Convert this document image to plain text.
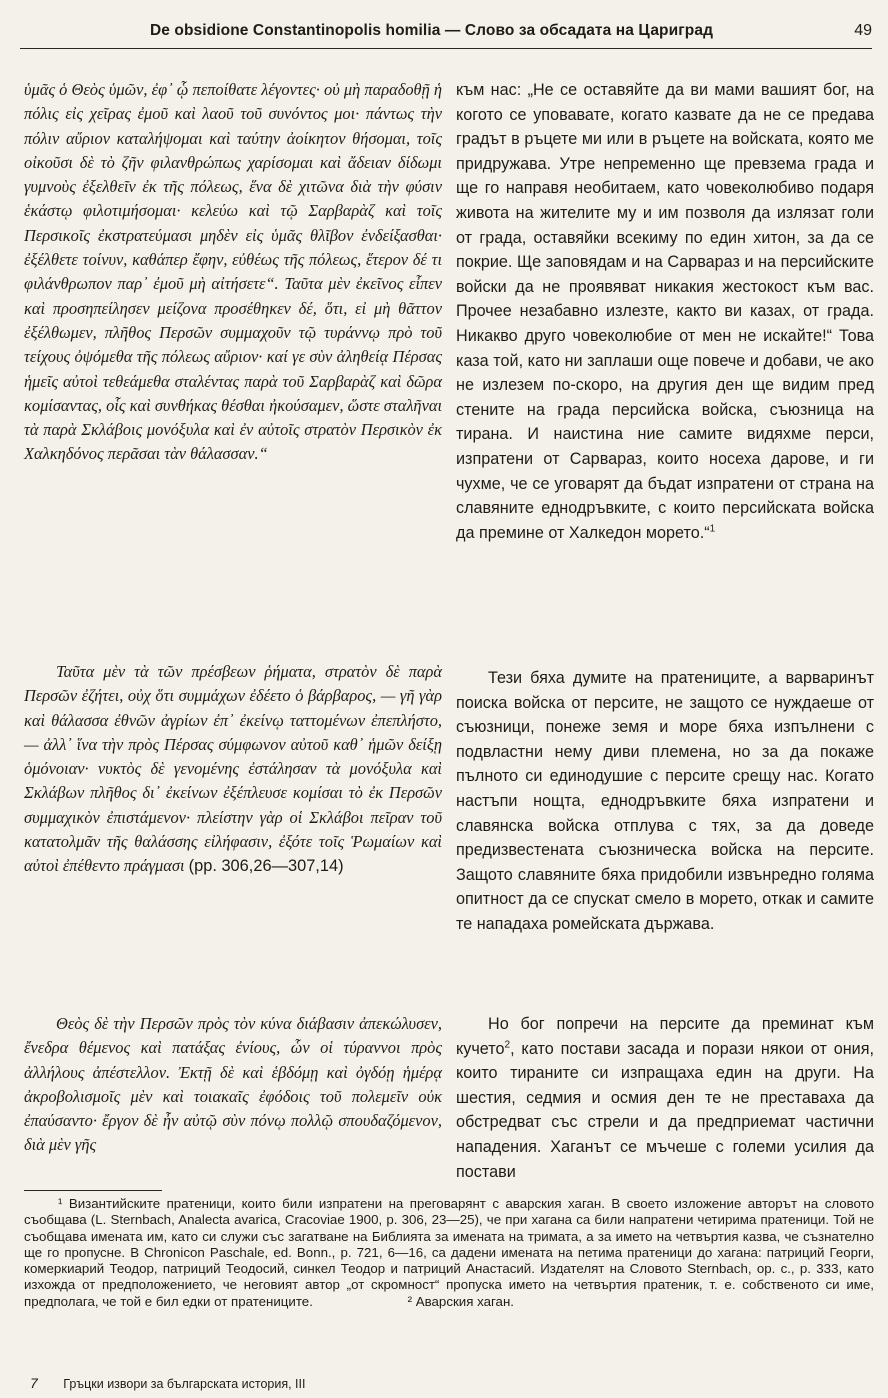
De obsidione Constantinopolis homilia — Слово за обсадата на Цариград	49
ὑμᾶς ὁ Θεὸς ὑμῶν, ἐφ᾽ ᾧ πεποίθατε λέγοντες· οὐ μὴ παραδοθῇ ἡ πόλις εἰς χεῖρας ἐμοῦ καὶ λαοῦ τοῦ συνόντος μοι· πάντως τὴν πόλιν αὔριον καταλήψομαι καὶ ταύτην ἀοίκητον θήσομαι, τοῖς οἰκοῦσι δὲ τὸ ζῆν φιλανθρώπως χαρίσομαι καὶ ἄδειαν δίδωμι γυμνοὺς ἐξελθεῖν ἐκ τῆς πόλεως, ἕνα δὲ χιτῶνα διὰ τὴν φύσιν ἑκάστῳ φιλοτιμήσομαι· κελεύω καὶ τῷ Σαρβαρὰζ καὶ τοῖς Περσικοῖς ἐκστρατεύμασι μηδὲν εἰς ὑμᾶς θλῖβον ἐνδείξασθαι· ἐξέλθετε τοίνυν, καθάπερ ἔφην, εὐθέως τῆς πόλεως, ἕτερον δέ τι φιλάνθρωπον παρ᾽ ἐμοῦ μὴ αἰτήσετε“. Ταῦτα μὲν ἐκεῖνος εἶπεν καὶ προσηπείλησεν μείζονα προσέθηκεν δέ, ὅτι, εἰ μὴ θᾶττον ἐξέλθωμεν, πλῆθος Περσῶν συμμαχοῦν τῷ τυράννῳ πρὸ τοῦ τείχους ὀψόμεθα τῆς πόλεως αὔριον· καί γε σὺν ἀληθείᾳ Πέρσας ἡμεῖς αὐτοὶ τεθεάμεθα σταλέντας παρὰ τοῦ Σαρβαρὰζ καὶ δῶρα κομίσαντας, οἷς καὶ συνθήκας θέσθαι ἠκούσαμεν, ὥστε σταλῆναι τὰ παρὰ Σκλάβοις μονόξυλα καὶ ἐν αὐτοῖς στρατὸν Περσικὸν ἐκ Χαλκηδόνος περᾶσαι τὰν θάλασσαν.“
Ταῦτα μὲν τὰ τῶν πρέσβεων ῥήματα, στρατὸν δὲ παρὰ Περσῶν ἐζήτει, οὐχ ὅτι συμμάχων ἐδέετο ὁ βάρβαρος, — γῆ γὰρ καὶ θάλασσα ἐθνῶν ἀγρίων ἐπ᾽ ἐκείνῳ ταττομένων ἐπεπλήστο, — ἀλλ᾽ ἵνα τὴν πρὸς Πέρσας σύμφωνον αὐτοῦ καθ᾽ ἡμῶν δείξῃ ὁμόνοιαν· νυκτὸς δὲ γενομένης ἐστάλησαν τὰ μονόξυλα καὶ Σκλάβων πλῆθος δι᾽ ἐκείνων ἐξέπλευσε κομίσαι τὸ ἐκ Περσῶν συμμαχικὸν ἐπιστάμενον· πλείστην γὰρ οἱ Σκλάβοι πεῖραν τοῦ κατατολμᾶν τῆς θαλάσσης εἰλήφασιν, ἐξότε τοῖς Ῥωμαίων καὶ αὐτοὶ ἐπέθεντο πράγμασι (pp. 306,26—307,14)
Θεὸς δὲ τὴν Περσῶν πρὸς τὸν κύνα διάβασιν ἀπεκώλυσεν, ἔνεδρα θέμενος καὶ πατάξας ἐνίους, ὧν οἱ τύραννοι πρὸς ἀλλήλους ἀπέστελλον. Ἐκτῇ δὲ καὶ ἑβδόμῃ καὶ ὀγδόῃ ἡμέρᾳ ἀκροβολισμοῖς μὲν καὶ τοιακαῖς ἐφόδοις τοῦ πολεμεῖν οὐκ ἐπαύσαντο· ἔργον δὲ ἦν αὐτῷ σὺν πόνῳ πολλῷ σπουδαζόμενον, διὰ μὲν γῆς
към нас: „Не се оставяйте да ви мами вашият бог, на когото се уповавате, когато казвате да не се предава градът в ръцете ми или в ръцете на войската, която ме придружава. Утре непременно ще превзема града и ще го направя необитаем, като човеколюбиво подаря живота на жителите му и им позволя да излязат голи от града, оставяйки всекиму по един хитон, за да се покрие. Ще заповядам и на Сарвараз и на персийските войски да не проявяват никакия жестокост към вас. Прочее незабавно излезте, както ви казах, от града. Никакво друго човеколюбие от мен не искайте!“ Това каза той, като ни заплаши още повече и добави, че ако не излезем по-скоро, на другия ден ще видим пред стените на града персийска войска, съюзница на тирана. И наистина ние самите видяхме перси, изпратени от Сарвараз, които носеха дарове, и ги чухме, че се уговарят да бъдат изпратени от страна на славяните еднодръвките, с които персийската войска да премине от Халкедон морето.“$^1$
Тези бяха думите на пратениците, а варваринът поиска войска от персите, не защото се нуждаеше от съюзници, понеже земя и море бяха изпълнени с подвластни нему диви племена, но за да покаже пълното си единодушие с персите срещу нас. Когато настъпи нощта, еднодръвките бяха изпратени и славянска войска отплува с тях, за да доведе предизвестената съюзническа войска на персите. Защото славяните бяха придобили извънредно голяма опитност да се спускат смело в морето, откак и самите те нападаха ромейската държава.
Но бог попречи на персите да преминат към кучето$^2$, като постави засада и порази някои от ония, които тираните си изпращаха един на други. На шестия, седмия и осмия ден те не преставаха да обстредват със стрели и да предприемат частични нападения. Хаганът се мъчеше с големи усилия да постави
¹ Византийските пратеници, които били изпратени на преговарянт с аварския хаган. В своето изложение авторът на словото съобщава (L. Sternbach, Analecta avarica, Cracoviae 1900, p. 306, 23—25), че при хагана са били напратени четирима пратеници. Той не съобщава имената им, като си служи със загатване на Библията за имената на тримата, а за името на четвъртия казва, че съзнателно ще го пропусне. В Chronicon Paschale, ed. Bonn., p. 721, 6—16, са дадени имената на петима пратеници до хагана: патриций Георги, комеркиарий Теодор, патриций Теодосий, синкел Теодор и патриций Анастасий. Издателят на Словото Sternbach, op. c., p. 333, като изхожда от предположението, че неговият автор „от скромност“ пропуска името на четвъртия пратеник, т. е. собственото си име, предполага, че той е бил едки от пратениците.	² Аварския хаган.
7 Гръцки извори за българската история, III
